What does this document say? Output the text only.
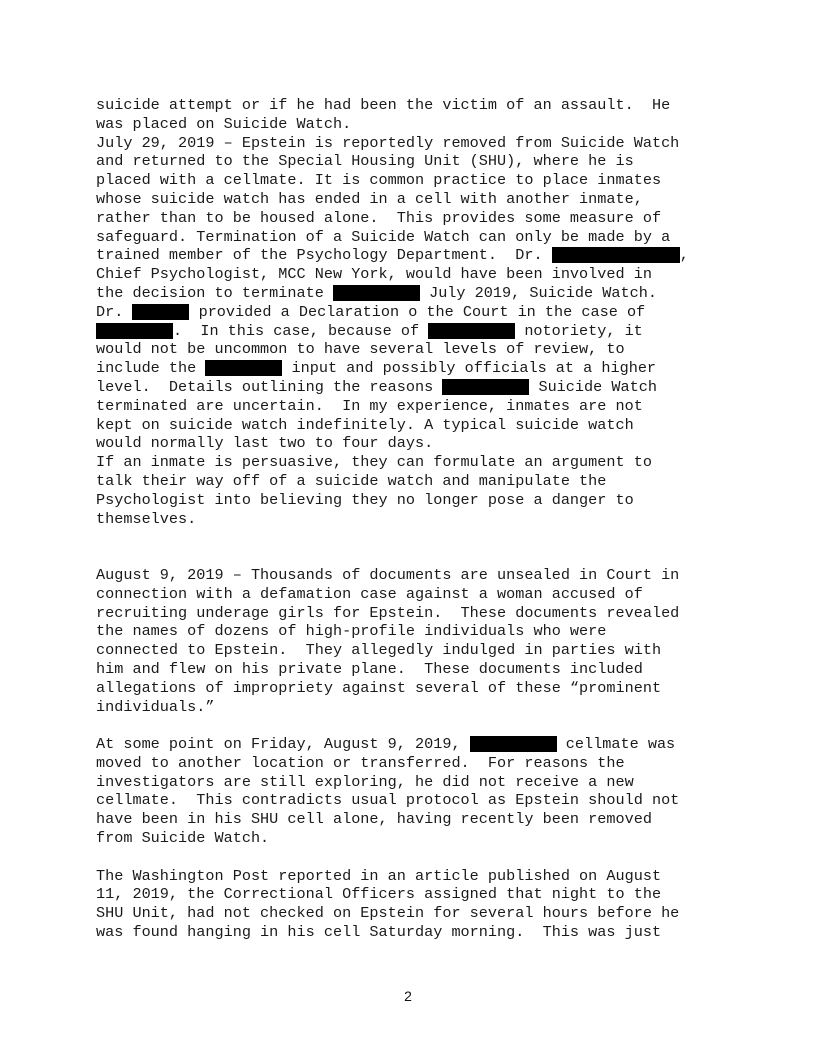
suicide attempt or if he had been the victim of an assault.  He
was placed on Suicide Watch.
July 29, 2019 – Epstein is reportedly removed from Suicide Watch
and returned to the Special Housing Unit (SHU), where he is
placed with a cellmate. It is common practice to place inmates
whose suicide watch has ended in a cell with another inmate,
rather than to be housed alone.  This provides some measure of
safeguard. Termination of a Suicide Watch can only be made by a
trained member of the Psychology Department.  Dr.	,
Chief Psychologist, MCC New York, would have been involved in
the decision to terminate	July 2019, Suicide Watch.
Dr.	provided a Declaration o the Court in the case of
.  In this case, because of	notoriety, it
would not be uncommon to have several levels of review, to
include the	input and possibly officials at a higher
level.  Details outlining the reasons	Suicide Watch
terminated are uncertain.  In my experience, inmates are not
kept on suicide watch indefinitely. A typical suicide watch
would normally last two to four days.
If an inmate is persuasive, they can formulate an argument to
talk their way off of a suicide watch and manipulate the
Psychologist into believing they no longer pose a danger to
themselves.
August 9, 2019 – Thousands of documents are unsealed in Court in
connection with a defamation case against a woman accused of
recruiting underage girls for Epstein.  These documents revealed
the names of dozens of high-profile individuals who were
connected to Epstein.  They allegedly indulged in parties with
him and flew on his private plane.  These documents included
allegations of impropriety against several of these “prominent
individuals.”
At some point on Friday, August 9, 2019,	cellmate was
moved to another location or transferred.  For reasons the
investigators are still exploring, he did not receive a new
cellmate.  This contradicts usual protocol as Epstein should not
have been in his SHU cell alone, having recently been removed
from Suicide Watch.
The Washington Post reported in an article published on August
11, 2019, the Correctional Officers assigned that night to the
SHU Unit, had not checked on Epstein for several hours before he
was found hanging in his cell Saturday morning.  This was just
2
